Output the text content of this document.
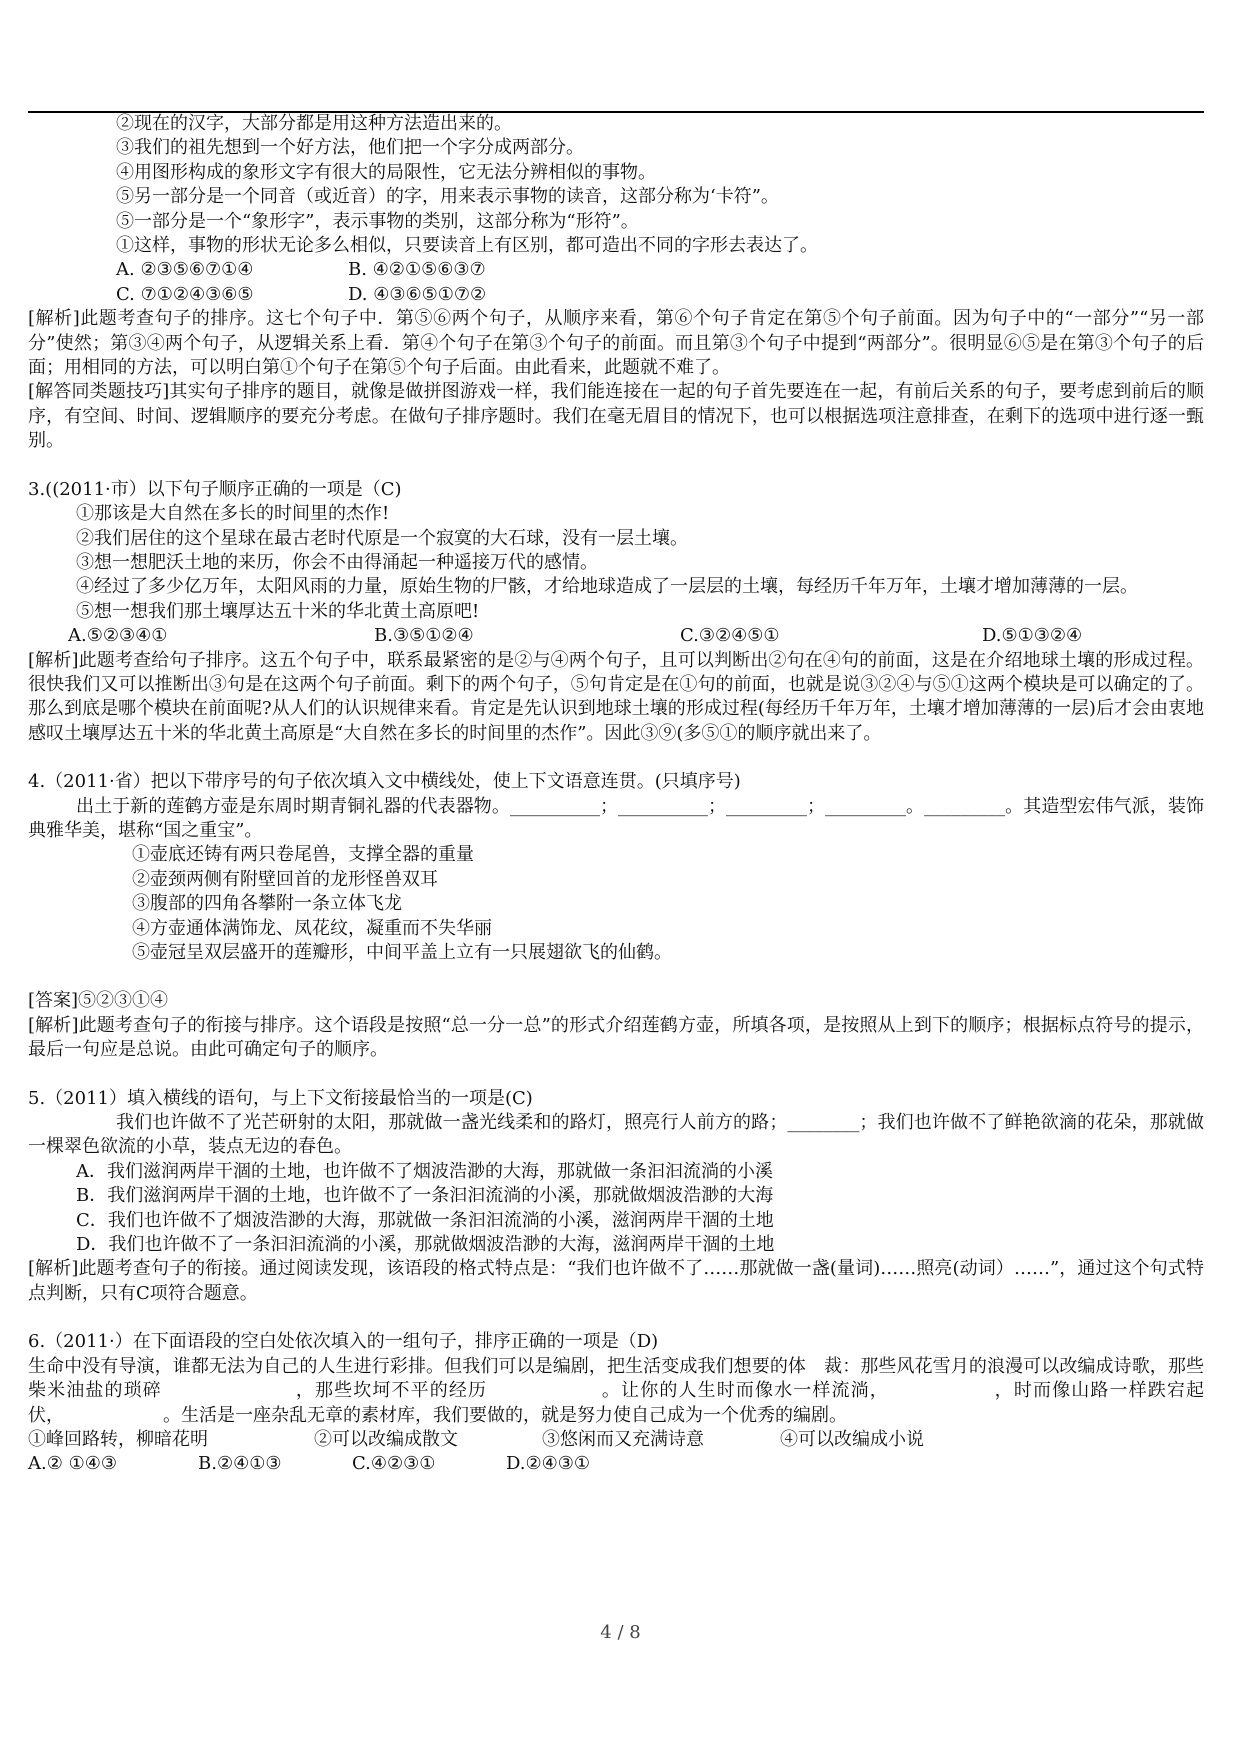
②现在的汉字，大部分都是用这种方法造出来的。

③我们的祖先想到一个好方法，他们把一个字分成两部分。

④用图形构成的象形文字有很大的局限性，它无法分辨相似的事物。

⑤另一部分是一个同音（或近音）的字，用来表示事物的读音，这部分称为‘卡符”。

⑤一部分是一个“象形字”，表示事物的类别，这部分称为“形符”。

①这样，事物的形状无论多么相似，只要读音上有区别，都可造出不同的字形去表达了。

A. ②③⑤⑥⑦①④	B. ④②①⑤⑥③⑦
C. ⑦①②④③⑥⑤	D. ④③⑥⑤①⑦②

[解析]此题考查句子的排序。这七个句子中．第⑤⑥两个句子，从顺序来看，第⑥个句子肯定在第⑤个句子前面。因为句子中的“一部分”“另一部分”使然；第③④两个句子，从逻辑关系上看．第④个句子在第③个句子的前面。而且第③个句子中提到“两部分”。很明显⑥⑤是在第③个句子的后面；用相同的方法，可以明白第①个句子在第⑤个句子后面。由此看来，此题就不难了。

[解答同类题技巧]其实句子排序的题目，就像是做拼图游戏一样，我们能连接在一起的句子首先要连在一起，有前后关系的句子，要考虑到前后的顺序，有空间、时间、逻辑顺序的要充分考虑。在做句子排序题时。我们在毫无眉目的情况下，也可以根据选项注意排查，在剩下的选项中进行逐一甄别。

3.((2011·市）以下句子顺序正确的一项是（C)

①那该是大自然在多长的时间里的杰作!

②我们居住的这个星球在最古老时代原是一个寂寞的大石球，没有一层土壤。

③想一想肥沃土地的来历，你会不由得涌起一种遥接万代的感情。

④经过了多少亿万年，太阳风雨的力量，原始生物的尸骸，才给地球造成了一层层的土壤，每经历千年万年，土壤才增加薄薄的一层。

⑤想一想我们那土壤厚达五十米的华北黄土高原吧!

A.⑤②③④①	B.③⑤①②④	C.③②④⑤①	D.⑤①③②④

[解析]此题考查给句子排序。这五个句子中，联系最紧密的是②与④两个句子，且可以判断出②句在④句的前面，这是在介绍地球土壤的形成过程。很快我们又可以推断出③句是在这两个句子前面。剩下的两个句子，⑤句肯定是在①句的前面，也就是说③②④与⑤①这两个模块是可以确定的了。那么到底是哪个模块在前面呢?从人们的认识规律来看。肯定是先认识到地球土壤的形成过程(每经历千年万年，土壤才增加薄薄的一层)后才会由衷地感叹土壤厚达五十米的华北黄土高原是“大自然在多长的时间里的杰作”。因此③⑨(多⑤①的顺序就出来了。

4.（2011·省）把以下带序号的句子依次填入文中横线处，使上下文语意连贯。(只填序号)

出土于新的莲鹤方壶是东周时期青铜礼器的代表器物。__________；__________；_________；_________。_________。其造型宏伟气派，装饰典雅华美，堪称“国之重宝”。

①壶底还铸有两只卷尾兽，支撑全器的重量

②壶颈两侧有附壁回首的龙形怪兽双耳

③腹部的四角各攀附一条立体飞龙

④方壶通体满饰龙、凤花纹，凝重而不失华丽

⑤壶冠呈双层盛开的莲瓣形，中间平盖上立有一只展翅欲飞的仙鹤。

[答案]⑤②③①④

[解析]此题考查句子的衔接与排序。这个语段是按照“总一分一总”的形式介绍莲鹤方壶，所填各项，是按照从上到下的顺序；根据标点符号的提示，最后一句应是总说。由此可确定句子的顺序。

5.（2011）填入横线的语句，与上下文衔接最恰当的一项是(C)

我们也许做不了光芒研射的太阳，那就做一盏光线柔和的路灯，照亮行人前方的路；________；我们也许做不了鲜艳欲滴的花朵，那就做一棵翠色欲流的小草，装点无边的春色。

A．我们滋润两岸干涸的土地，也许做不了烟波浩渺的大海，那就做一条汩汩流淌的小溪

B．我们滋润两岸干涸的土地，也许做不了一条汩汩流淌的小溪，那就做烟波浩渺的大海

C．我们也许做不了烟波浩渺的大海，那就做一条汩汩流淌的小溪，滋润两岸干涸的土地

D．我们也许做不了一条汩汩流淌的小溪，那就做烟波浩渺的大海，滋润两岸干涸的土地

[解析]此题考查句子的衔接。通过阅读发现，该语段的格式特点是：“我们也许做不了……那就做一盏(量词)……照亮(动词）……”，通过这个句式特点判断，只有C项符合题意。

6.（2011·）在下面语段的空白处依次填入的一组句子，排序正确的一项是（D)

生命中没有导演，谁都无法为自己的人生进行彩排。但我们可以是编剧，把生活变成我们想要的体　裁：那些风花雪月的浪漫可以改编成诗歌，那些柴米油盐的琐碎　　　　　　　，那些坎坷不平的经历　　　　　　。让你的人生时而像水一样流淌，　　　　　　，时而像山路一样跌宕起伏，　　　　　　。生活是一座杂乱无章的素材库，我们要做的，就是努力使自己成为一个优秀的编剧。

①峰回路转，柳暗花明	②可以改编成散文	③悠闲而又充满诗意	④可以改编成小说
A.② ①④③	B.②④①③	C.④②③①	D.②④③①
4 / 8
